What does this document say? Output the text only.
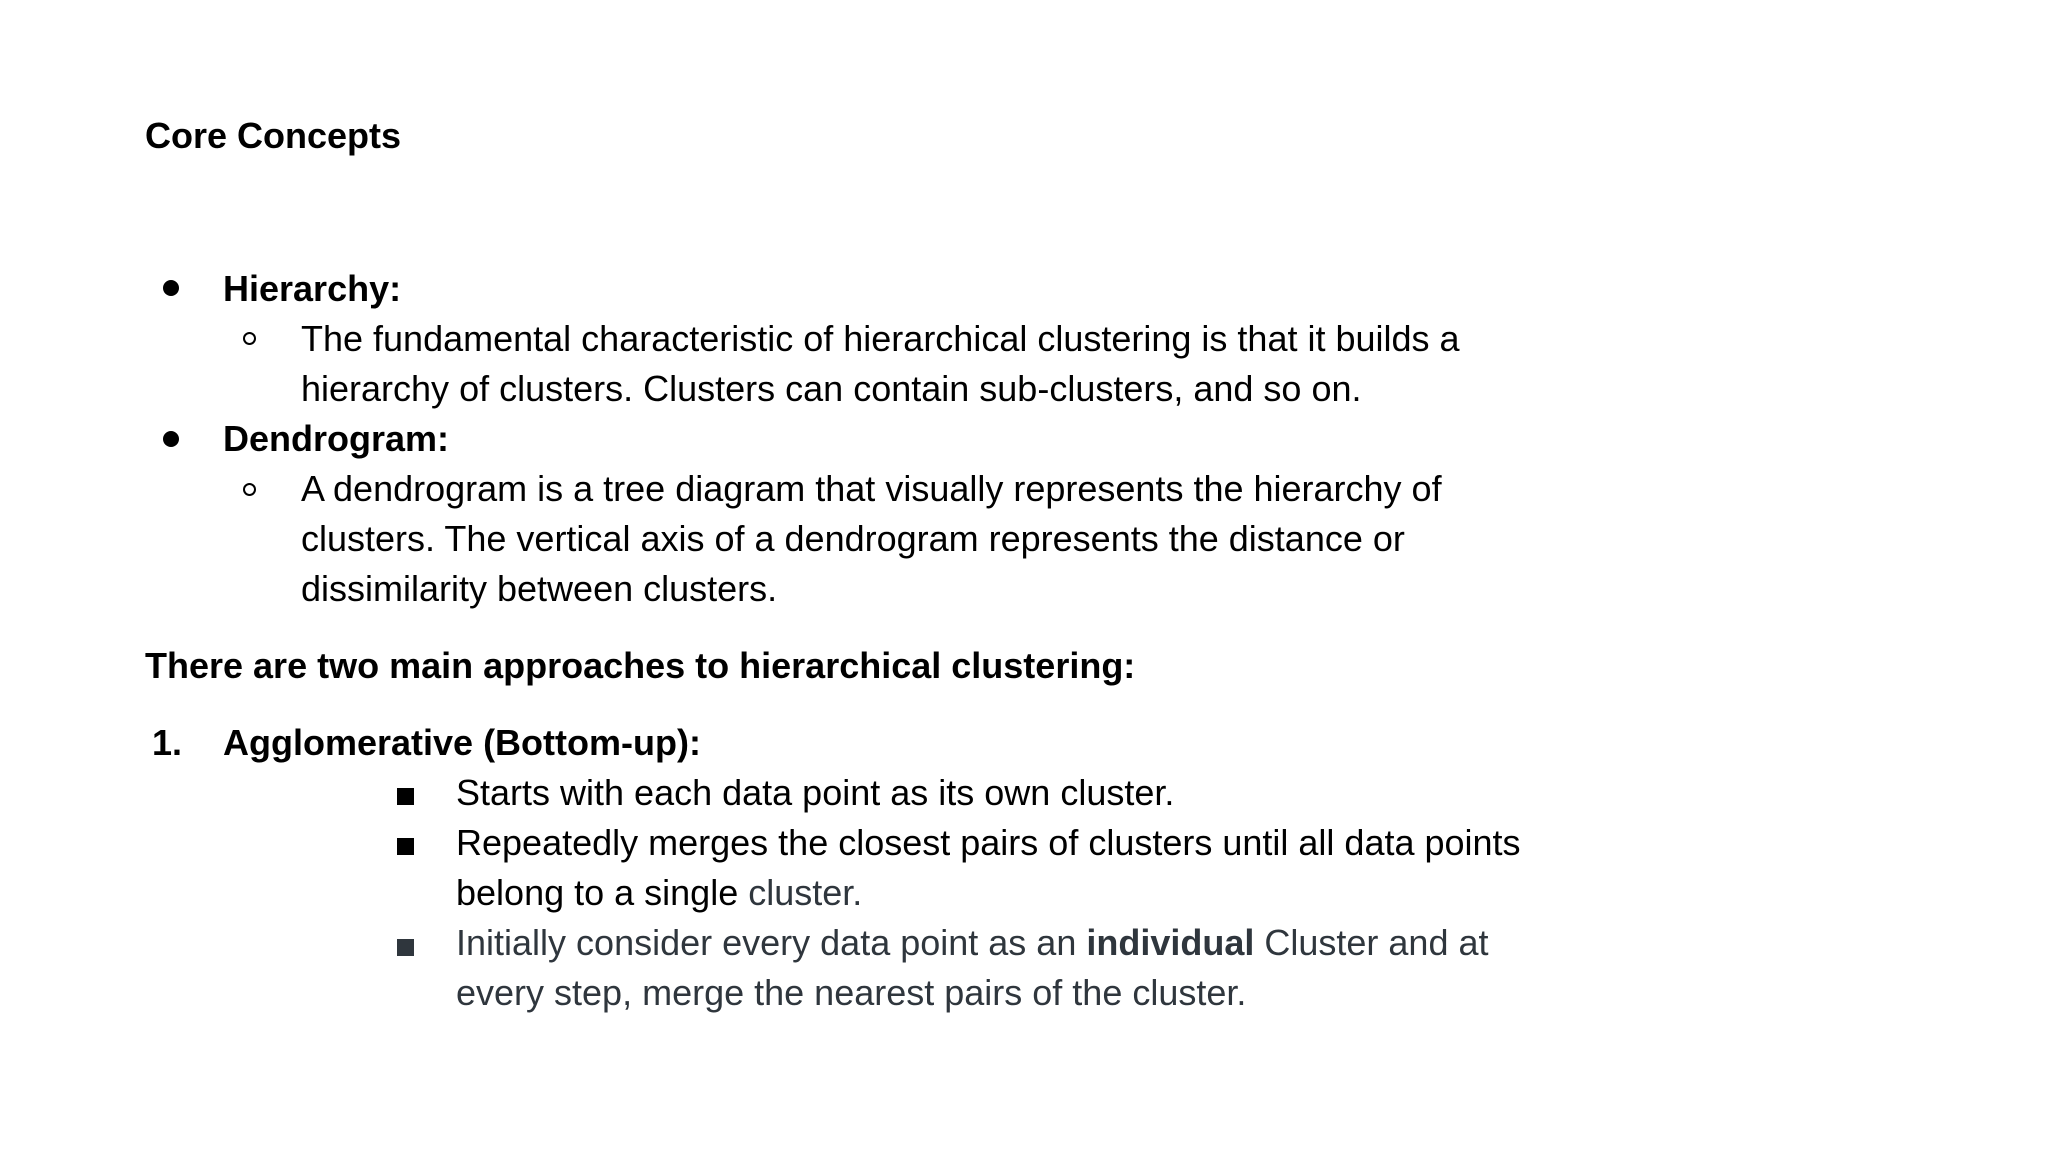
Core Concepts
Hierarchy:
The fundamental characteristic of hierarchical clustering is that it builds a
hierarchy of clusters. Clusters can contain sub-clusters, and so on.
Dendrogram:
A dendrogram is a tree diagram that visually represents the hierarchy of
clusters. The vertical axis of a dendrogram represents the distance or
dissimilarity between clusters.
There are two main approaches to hierarchical clustering:
1. Agglomerative (Bottom-up):
Starts with each data point as its own cluster.
Repeatedly merges the closest pairs of clusters until all data points
belong to a single cluster.
Initially consider every data point as an individual Cluster and at
every step, merge the nearest pairs of the cluster.
